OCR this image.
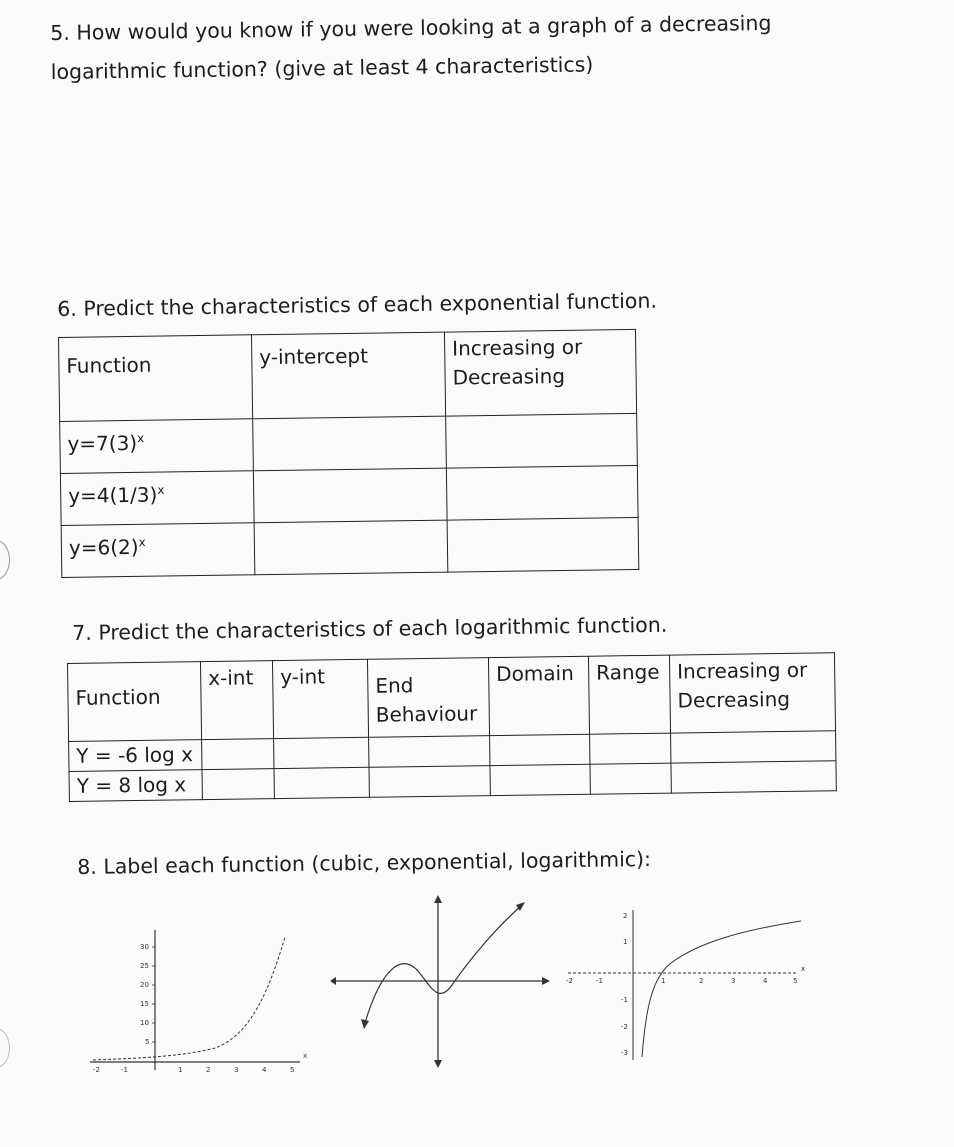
5. How would you know if you were looking at a graph of a decreasing logarithmic function? (give at least 4 characteristics)
6. Predict the characteristics of each exponential function.
Function	y-intercept	Increasing or Decreasing
$y=7(3)^x$		
$y=4(1/3)^x$		
$y=6(2)^x$		
7. Predict the characteristics of each logarithmic function.
Function	x-int	y-int	End Behaviour	Domain	Range	Increasing or Decreasing
Y = -6 log x						
Y = 8 log x						
8. Label each function (cubic, exponential, logarithmic):
30
25
20
15
10
5
-2	-1	1	2	3	4	5
x
2
1
-1
-2
-3
-2	-1	1	2	3	4	5
x
